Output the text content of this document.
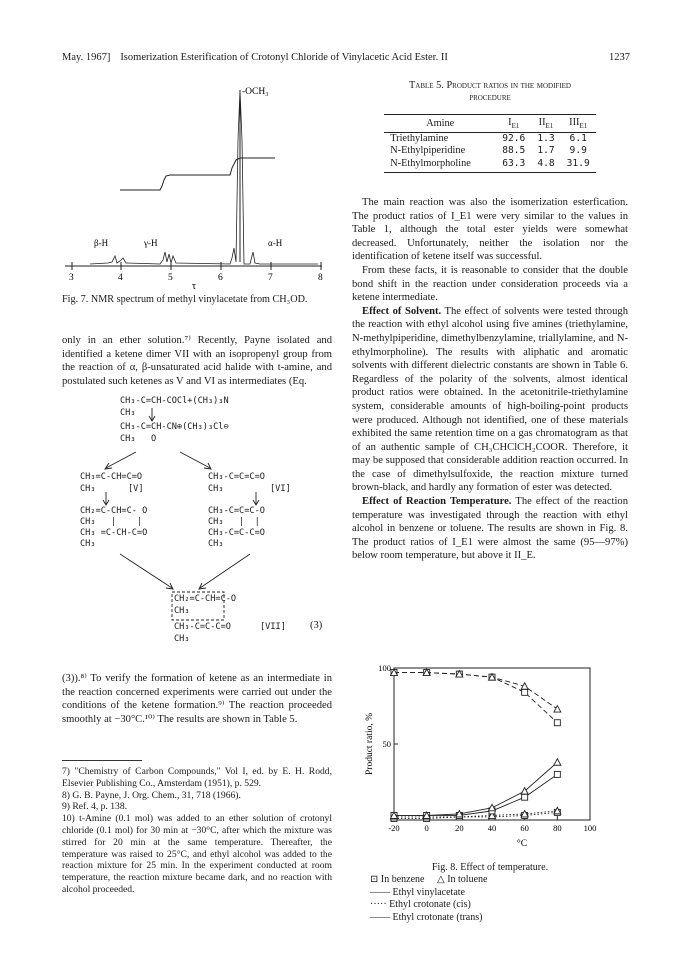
May. 1967] Isomerization Esterification of Crotonyl Chloride of Vinylacetic Acid Ester. II	1237
-OCH₃
β-H	γ-H	α-H
3	4	5	6	7	8
τ
Fig. 7. NMR spectrum of methyl vinylacetate from CH₃OD.

only in an ether solution.⁷⁾ Recently, Payne isolated and identified a ketene dimer VII with an isopropenyl group from the reaction of α, β-unsaturated acid halide with t-amine, and postulated such ketenes as V and VI as intermediates (Eq.

CH₃-C=CH-COCl+(CH₃)₃N
CH₃
CH₃-C=CH-CN⊕(CH₃)₃Cl⊖
CH₃   O
CH₃=C-CH=C=O
CH₃	[V]
CH₂=C-CH=C- O
CH₃   |    |
CH₃ =C-CH-C=O
CH₃
CH₃-C=C=C=O
CH₃	[VI]
CH₃-C=C=C-O
CH₃   |  |
CH₃-C=C-C=O
CH₃
CH₂=C-CH=C-O
CH₃
CH₃-C=C-C=O
CH₃
[VII] (3)

(3)).⁸⁾ To verify the formation of ketene as an intermediate in the reaction concerned experiments were carried out under the conditions of the ketene formation.⁹⁾ The reaction proceeded smoothly at −30°C.¹⁰⁾ The results are shown in Table 5.

7) "Chemistry of Carbon Compounds," Vol I, ed. by E. H. Rodd, Elsevier Publishing Co., Amsterdam (1951), p. 529.
8) G. B. Payne, J. Org. Chem., 31, 718 (1966).
9) Ref. 4, p. 138.
10) t-Amine (0.1 mol) was added to an ether solution of crotonyl chloride (0.1 mol) for 30 min at −30°C, after which the mixture was stirred for 20 min at the same temperature. Thereafter, the temperature was raised to 25°C, and ethyl alcohol was added to the reaction mixture for 25 min. In the experiment conducted at room temperature, the reaction mixture became dark, and no reaction with alcohol proceeded.
Table 5. Product ratios in the modified
procedure
Amine	$I_{E1}$	$II_{E1}$	$III_{E1}$
Triethylamine	92.6	1.3	6.1
N-Ethylpiperidine	88.5	1.7	9.9
N-Ethylmorpholine	63.3	4.8	31.9

The main reaction was also the isomerization esterfication. The product ratios of I_E1 were very similar to the values in Table 1, although the total ester yields were somewhat decreased. Unfortunately, neither the isolation nor the identification of ketene itself was successful.

From these facts, it is reasonable to consider that the double bond shift in the reaction under consideration proceeds via a ketene intermediate.

Effect of Solvent. The effect of solvents were tested through the reaction with ethyl alcohol using five amines (triethylamine, N-methylpiperidine, dimethylbenzylamine, triallylamine, and N-ethylmorpholine). The results with aliphatic and aromatic solvents with different dielectric constants are shown in Table 6. Regardless of the polarity of the solvents, almost identical product ratios were obtained. In the acetonitrile-triethylamine system, considerable amounts of high-boiling-point products were produced. Although not identified, one of these materials exhibited the same retention time on a gas chromatogram as that of an authentic sample of CH₃CHClCH₂COOR. Therefore, it may be supposed that considerable addition reaction occurred. In the case of dimethylsulfoxide, the reaction mixture turned brown-black, and hardly any formation of ester was detected.

Effect of Reaction Temperature. The effect of the reaction temperature was investigated through the reaction with ethyl alcohol in benzene or toluene. The results are shown in Fig. 8. The product ratios of I_E1 were almost the same (95—97%) below room temperature, but above it II_E.

-20	0	20	40	60	80	100
50
100
°C
Product ratio, %
Fig. 8. Effect of temperature.
⊡ In benzene △ In toluene
—— Ethyl vinylacetate
····· Ethyl crotonate (cis)
—— Ethyl crotonate (trans)
